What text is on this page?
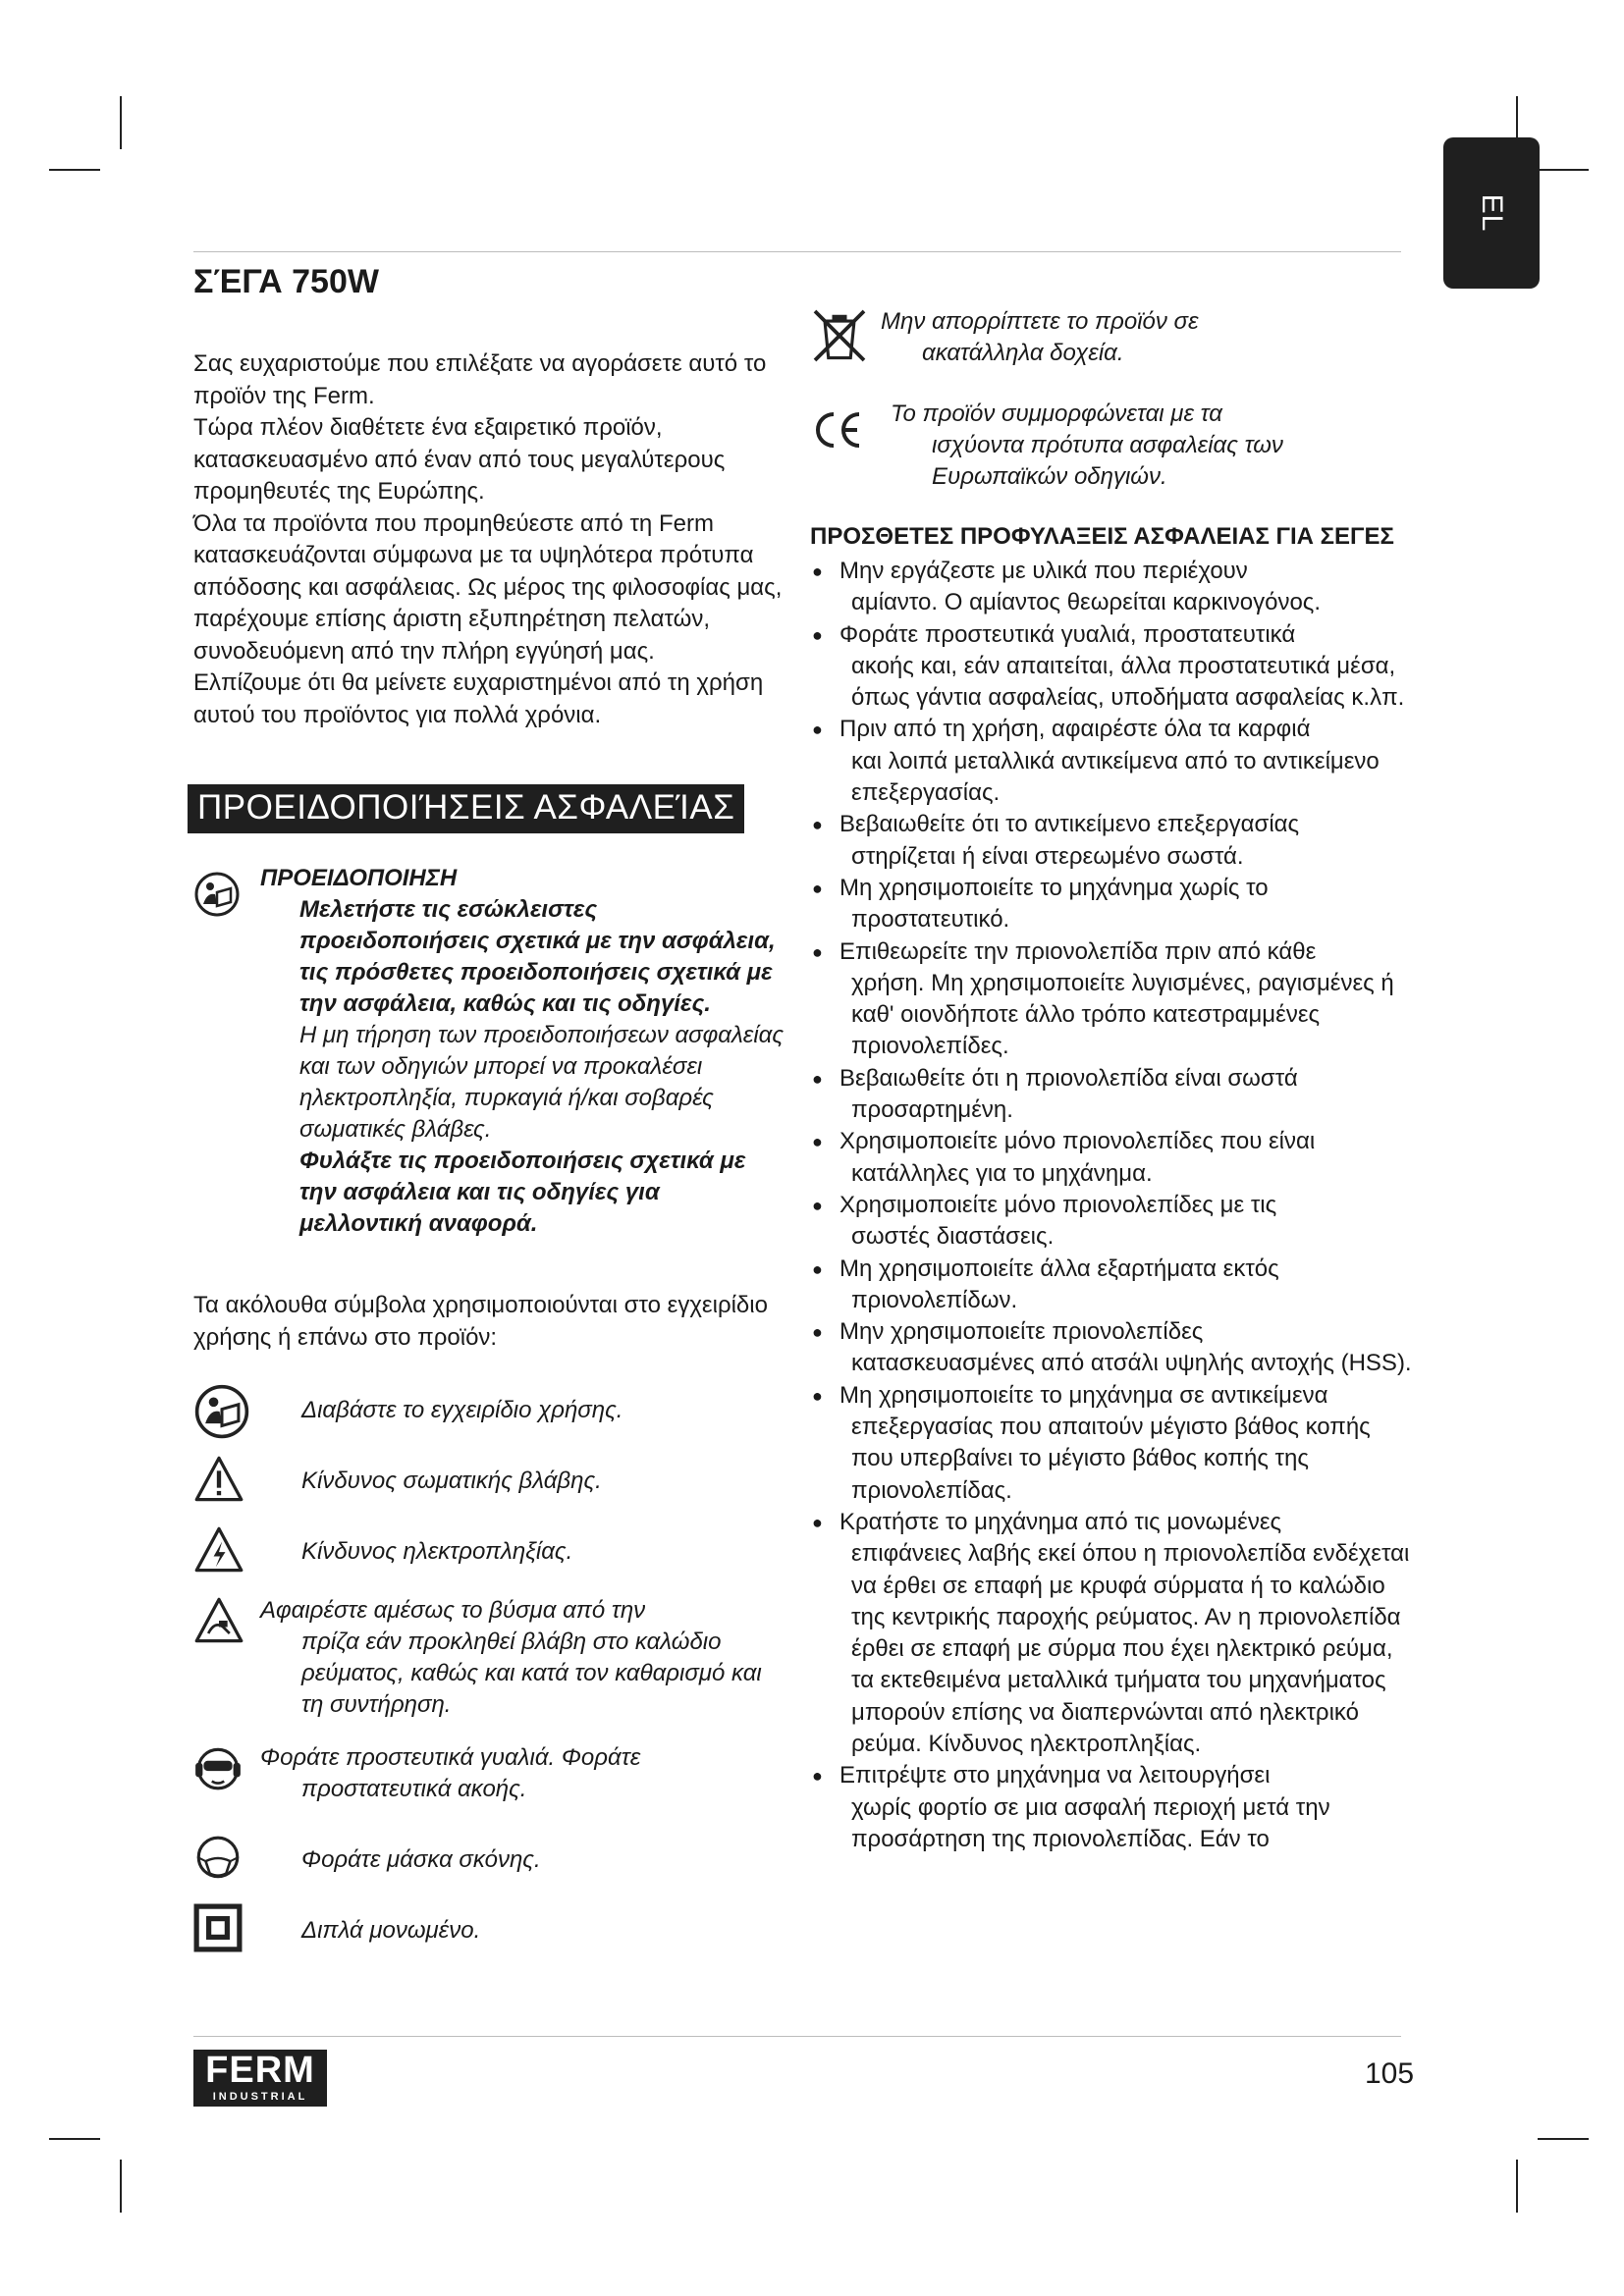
EL
ΣΈΓΑ 750W

Σας ευχαριστούμε που επιλέξατε να αγοράσετε αυτό το προϊόν της Ferm.

Τώρα πλέον διαθέτετε ένα εξαιρετικό προϊόν, κατασκευασμένο από έναν από τους μεγαλύτερους προμηθευτές της Ευρώπης.

Όλα τα προϊόντα που προμηθεύεστε από τη Ferm κατασκευάζονται σύμφωνα με τα υψηλότερα πρότυπα απόδοσης και ασφάλειας. Ως μέρος της φιλοσοφίας μας, παρέχουμε επίσης άριστη εξυπηρέτηση πελατών, συνοδευόμενη από την πλήρη εγγύησή μας.

Ελπίζουμε ότι θα μείνετε ευχαριστημένοι από τη χρήση αυτού του προϊόντος για πολλά χρόνια.

ΠΡΟΕΙΔΟΠΟΙΉΣΕΙΣ ΑΣΦΑΛΕΊΑΣ
ΠΡΟΕΙΔΟΠΟΙΗΣΗ
Μελετήστε τις εσώκλειστες προειδοποιήσεις σχετικά με την ασφάλεια, τις πρόσθετες προειδοποιήσεις σχετικά με την ασφάλεια, καθώς και τις οδηγίες.
Η μη τήρηση των προειδοποιήσεων ασφαλείας και των οδηγιών μπορεί να προκαλέσει ηλεκτροπληξία, πυρκαγιά ή/και σοβαρές σωματικές βλάβες.
Φυλάξτε τις προειδοποιήσεις σχετικά με την ασφάλεια και τις οδηγίες για μελλοντική αναφορά.
Τα ακόλουθα σύμβολα χρησιμοποιούνται στο εγχειρίδιο χρήσης ή επάνω στο προϊόν:
Διαβάστε το εγχειρίδιο χρήσης.
Κίνδυνος σωματικής βλάβης.
Κίνδυνος ηλεκτροπληξίας.
Αφαιρέστε αμέσως το βύσμα από την
πρίζα εάν προκληθεί βλάβη στο καλώδιο ρεύματος, καθώς και κατά τον καθαρισμό και τη συντήρηση.
Φοράτε προστευτικά γυαλιά. Φοράτε
προστατευτικά ακοής.
Φοράτε μάσκα σκόνης.
Διπλά μονωμένο.
Μην απορρίπτετε το προϊόν σε
ακατάλληλα δοχεία.
Το προϊόν συμμορφώνεται με τα
ισχύοντα πρότυπα ασφαλείας των Ευρωπαϊκών οδηγιών.
ΠΡΟΣΘΕΤΕΣ ΠΡΟΦΥΛΑΞΕΙΣ ΑΣΦΑΛΕΙΑΣ ΓΙΑ ΣΕΓΕΣ
● Μην εργάζεστε με υλικά που περιέχουν
αμίαντο. Ο αμίαντος θεωρείται καρκινογόνος.
● Φοράτε προστευτικά γυαλιά, προστατευτικά
ακοής και, εάν απαιτείται, άλλα προστατευτικά μέσα, όπως γάντια ασφαλείας, υποδήματα ασφαλείας κ.λπ.
● Πριν από τη χρήση, αφαιρέστε όλα τα καρφιά
και λοιπά μεταλλικά αντικείμενα από το αντικείμενο επεξεργασίας.
● Βεβαιωθείτε ότι το αντικείμενο επεξεργασίας
στηρίζεται ή είναι στερεωμένο σωστά.
● Μη χρησιμοποιείτε το μηχάνημα χωρίς το
προστατευτικό.
● Επιθεωρείτε την πριονολεπίδα πριν από κάθε
χρήση. Μη χρησιμοποιείτε λυγισμένες, ραγισμένες ή καθ' οιονδήποτε άλλο τρόπο κατεστραμμένες πριονολεπίδες.
● Βεβαιωθείτε ότι η πριονολεπίδα είναι σωστά
προσαρτημένη.
● Χρησιμοποιείτε μόνο πριονολεπίδες που είναι
κατάλληλες για το μηχάνημα.
● Χρησιμοποιείτε μόνο πριονολεπίδες με τις
σωστές διαστάσεις.
● Μη χρησιμοποιείτε άλλα εξαρτήματα εκτός
πριονολεπίδων.
● Μην χρησιμοποιείτε πριονολεπίδες
κατασκευασμένες από ατσάλι υψηλής αντοχής (HSS).
● Μη χρησιμοποιείτε το μηχάνημα σε αντικείμενα
επεξεργασίας που απαιτούν μέγιστο βάθος κοπής που υπερβαίνει το μέγιστο βάθος κοπής της πριονολεπίδας.
● Κρατήστε το μηχάνημα από τις μονωμένες
επιφάνειες λαβής εκεί όπου η πριονολεπίδα ενδέχεται να έρθει σε επαφή με κρυφά σύρματα ή το καλώδιο της κεντρικής παροχής ρεύματος. Αν η πριονολεπίδα έρθει σε επαφή με σύρμα που έχει ηλεκτρικό ρεύμα, τα εκτεθειμένα μεταλλικά τμήματα του μηχανήματος μπορούν επίσης να διαπερνώνται από ηλεκτρικό ρεύμα. Κίνδυνος ηλεκτροπληξίας.
● Επιτρέψτε στο μηχάνημα να λειτουργήσει
χωρίς φορτίο σε μια ασφαλή περιοχή μετά την προσάρτηση της πριονολεπίδας. Εάν το
FERM
INDUSTRIAL
105
